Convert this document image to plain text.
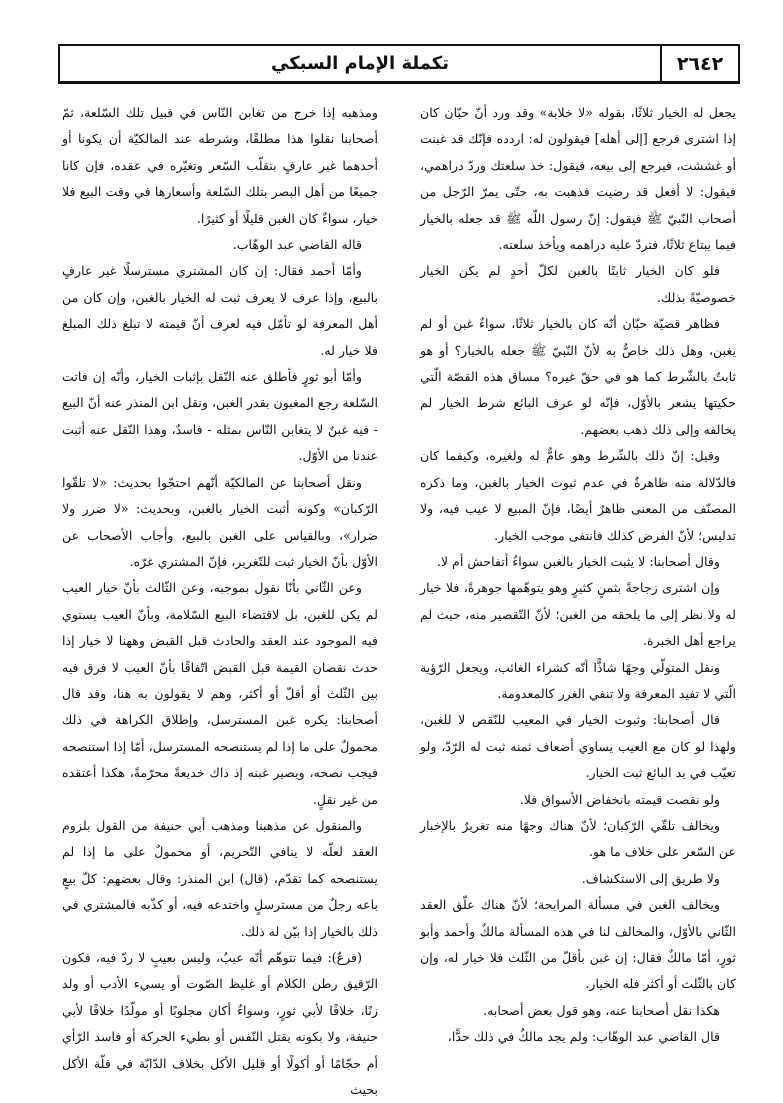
٢٦٤٢
تكملة الإمام السبكي

يجعل له الخيار ثلاثًا، بقوله «لا خلابة» وقد ورد أنّ حبّان كان إذا اشترى فرجع [إلى أهله] فيقولون له: اردده فإنّك قد غبنت أو غششت، فيرجع إلى بيعه، فيقول: خذ سلعتك وردّ دراهمي، فيقول: لا أفعل قد رضيت فذهبت به، حتّى يمرّ الرّجل من أصحاب النّبيّ ﷺ فيقول: إنّ رسول اللّه ﷺ قد جعله بالخيار فيما يبتاع ثلاثًا، فتردّ عليه دراهمه ويأخذ سلعته.

فلو كان الخيار ثابتًا بالغبن لكلّ أحدٍ لم يكن الخيار خصوصيّةً بذلك.

فظاهر قضيّة حبّان أنّه كان بالخيار ثلاثًا، سواءٌ غبن أو لم يغبن، وهل ذلك خاصٌّ به لأنّ النّبيّ ﷺ جعله بالخيار؟ أو هو ثابتٌ بالشّرط كما هو في حقّ غيره؟ مساق هذه القصّة الّتي حكيتها يشعر بالأوّل، فإنّه لو عرف البائع شرط الخيار لم يخالفه وإلى ذلك ذهب بعضهم.

وقيل: إنّ ذلك بالشّرط وهو عامٌّ له ولغيره، وكيفما كان فالدّلالة منه ظاهرةٌ في عدم ثبوت الخيار بالغبن، وما ذكره المصنّف من المعنى ظاهرٌ أيضًا، فإنّ المبيع لا عيب فيه، ولا تدليس؛ لأنّ الفرض كذلك فانتفى موجب الخيار.

وقال أصحابنا: لا يثبت الخيار بالغبن سواءٌ أتفاحش أم لا.

وإن اشترى زجاجةً بثمنٍ كثيرٍ وهو يتوهّمها جوهرةً، فلا خيار له ولا نظر إلى ما يلحقه من الغبن؛ لأنّ التّقصير منه، حيث لم يراجع أهل الخبرة.

ونقل المتولّي وجهًا شاذًّا أنّه كشراء الغائب، ويجعل الرّؤية الّتي لا تفيد المعرفة ولا تنفي الغرر كالمعدومة.

قال أصحابنا: وثبوت الخيار في المعيب للنّقص لا للغبن، ولهذا لو كان مع العيب يساوي أضعاف ثمنه ثبت له الرّدّ، ولو تعيّب في يد البائع ثبت الخيار.

ولو نقصت قيمته بانخفاض الأسواق فلا.

ويخالف تلقّي الرّكبان؛ لأنّ هناك وجهًا منه تغريرٌ بالإخبار عن السّعر على خلاف ما هو.

ولا طريق إلى الاستكشاف.

ويخالف الغبن في مسألة المرابحة؛ لأنّ هناك علّق العقد الثّاني بالأوّل، والمخالف لنا في هذه المسألة مالكٌ وأحمد وأبو ثورٍ، أمّا مالكٌ فقال: إن غبن بأقلّ من الثّلث فلا خيار له، وإن كان بالثّلث أو أكثر فله الخيار.

هكذا نقل أصحابنا عنه، وهو قول بعض أصحابه.

قال القاضي عبد الوهّاب: ولم يجد مالكٌ في ذلك حدًّا،

ومذهبه إذا خرج من تغابن النّاس في قبيل تلك السّلعة، ثمّ أصحابنا نقلوا هذا مطلقًا، وشرطه عند المالكيّة أن يكونا أو أحدهما غير عارفٍ بتقلّب السّعر وتغيّره في عقده، فإن كانا جميعًا من أهل البصر بتلك السّلعة وأسعارها في وقت البيع فلا خيار، سواءٌ كان الغبن قليلًا أو كثيرًا.

قاله القاضي عبد الوهّاب.

وأمّا أحمد فقال: إن كان المشتري مسترسلًا غير عارفٍ بالبيع، وإذا عرف لا يعرف ثبت له الخيار بالغبن، وإن كان من أهل المعرفة لو تأمّل فيه لعرف أنّ قيمته لا تبلغ ذلك المبلغ فلا خيار له.

وأمّا أبو ثورٍ فأطلق عنه النّقل بإثبات الخيار، وأنّه إن فاتت السّلعة رجع المغبون بقدر الغبن، ونقل ابن المنذر عنه أنّ البيع - فيه غبنٌ لا يتغابن النّاس بمثله - فاسدٌ، وهذا النّقل عنه أثبت عندنا من الأوّل.

ونقل أصحابنا عن المالكيّة أنّهم احتجّوا بحديث: «لا تلقّوا الرّكبان» وكونه أثبت الخيار بالغبن، وبحديث: «لا ضرر ولا ضرار»، وبالقياس على الغبن بالبيع، وأجاب الأصحاب عن الأوّل بأنّ الخيار ثبت للتّغرير، فإنّ المشتري غرّه.

وعن الثّاني بأنّا نقول بموجبه، وعن الثّالث بأنّ خيار العيب لم يكن للغبن، بل لاقتضاء البيع السّلامة، وبأنّ العيب يستوي فيه الموجود عند العقد والحادث قبل القبض وههنا لا خيار إذا حدث نقصان القيمة قبل القبض اتّفاقًا بأنّ العيب لا فرق فيه بين الثّلث أو أقلّ أو أكثر، وهم لا يقولون به هنا، وقد قال أصحابنا: يكره غبن المسترسل، وإطلاق الكراهة في ذلك محمولٌ على ما إذا لم يستنصحه المسترسل، أمّا إذا استنصحه فيجب نصحه، ويصير غبنه إذ ذاك خديعةً محرّمةً، هكذا أعتقده من غير نقلٍ.

والمنقول عن مذهبنا ومذهب أبي حنيفة من القول بلزوم العقد لعلّه لا ينافي التّحريم، أو محمولٌ على ما إذا لم يستنصحه كما تقدّم، (قال) ابن المنذر: وقال بعضهم: كلّ بيعٍ باعه رجلٌ من مسترسلٍ واختدعه فيه، أو كذّبه فالمشتري في ذلك بالخيار إذا بيّن له ذلك.

(فرعٌ): فيما تتوهّم أنّه عيبٌ، وليس بعيبٍ لا ردّ فيه، فكون الرّقيق رطن الكلام أو غليظ الصّوت أو يسيء الأدب أو ولد زنًا، خلافًا لأبي ثورٍ، وسواءٌ أكان مجلوبًا أو مولّدًا خلافًا لأبي حنيفة، ولا بكونه يقتل النّفس أو بطيء الحركة أو فاسد الرّأي أم حجّامًا أو أكولًا أو قليل الأكل بخلاف الدّابّة في قلّة الأكل بحيث
